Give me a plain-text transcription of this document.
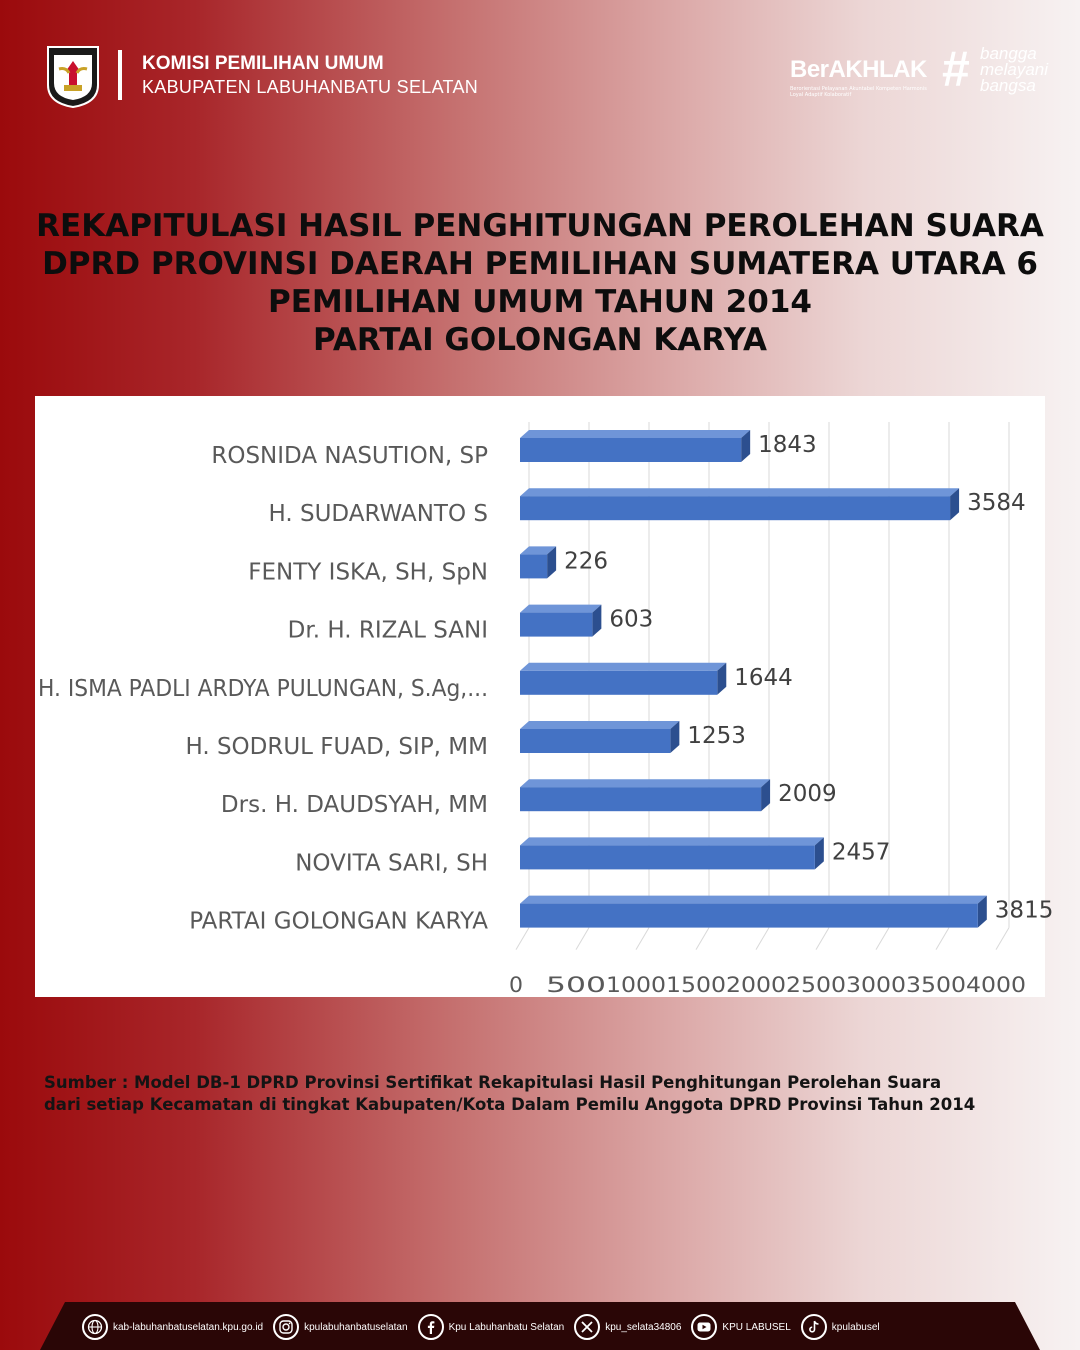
KOMISI PEMILIHAN UMUM
KABUPATEN LABUHANBATU SELATAN
BerAKHLAK
Berorientasi Pelayanan Akuntabel Kompeten Harmonis Loyal Adaptif Kolaboratif	# bangga
melayani
bangsa
REKAPITULASI HASIL PENGHITUNGAN PEROLEHAN SUARA
DPRD PROVINSI DAERAH PEMILIHAN SUMATERA UTARA 6
PEMILIHAN UMUM TAHUN 2014
PARTAI GOLONGAN KARYA
0 500 1000 1500 2000 2500 3000 3500 4000
1843
ROSNIDA NASUTION, SP
3584
H. SUDARWANTO S
226
FENTY ISKA, SH, SpN
603
Dr. H. RIZAL SANI
1644
H. ISMA PADLI ARDYA PULUNGAN, S.Ag,...
1253
H. SODRUL FUAD, SIP, MM
2009
Drs. H. DAUDSYAH, MM
2457
NOVITA SARI, SH
3815
PARTAI GOLONGAN KARYA
Sumber : Model DB-1 DPRD Provinsi Sertifikat Rekapitulasi Hasil Penghitungan Perolehan Suara
dari setiap Kecamatan di tingkat Kabupaten/Kota Dalam Pemilu Anggota DPRD Provinsi Tahun 2014
kab-labuhanbatuselatan.kpu.go.id	kpulabuhanbatuselatan	Kpu Labuhanbatu Selatan	kpu_selata34806	KPU LABUSEL	kpulabusel
